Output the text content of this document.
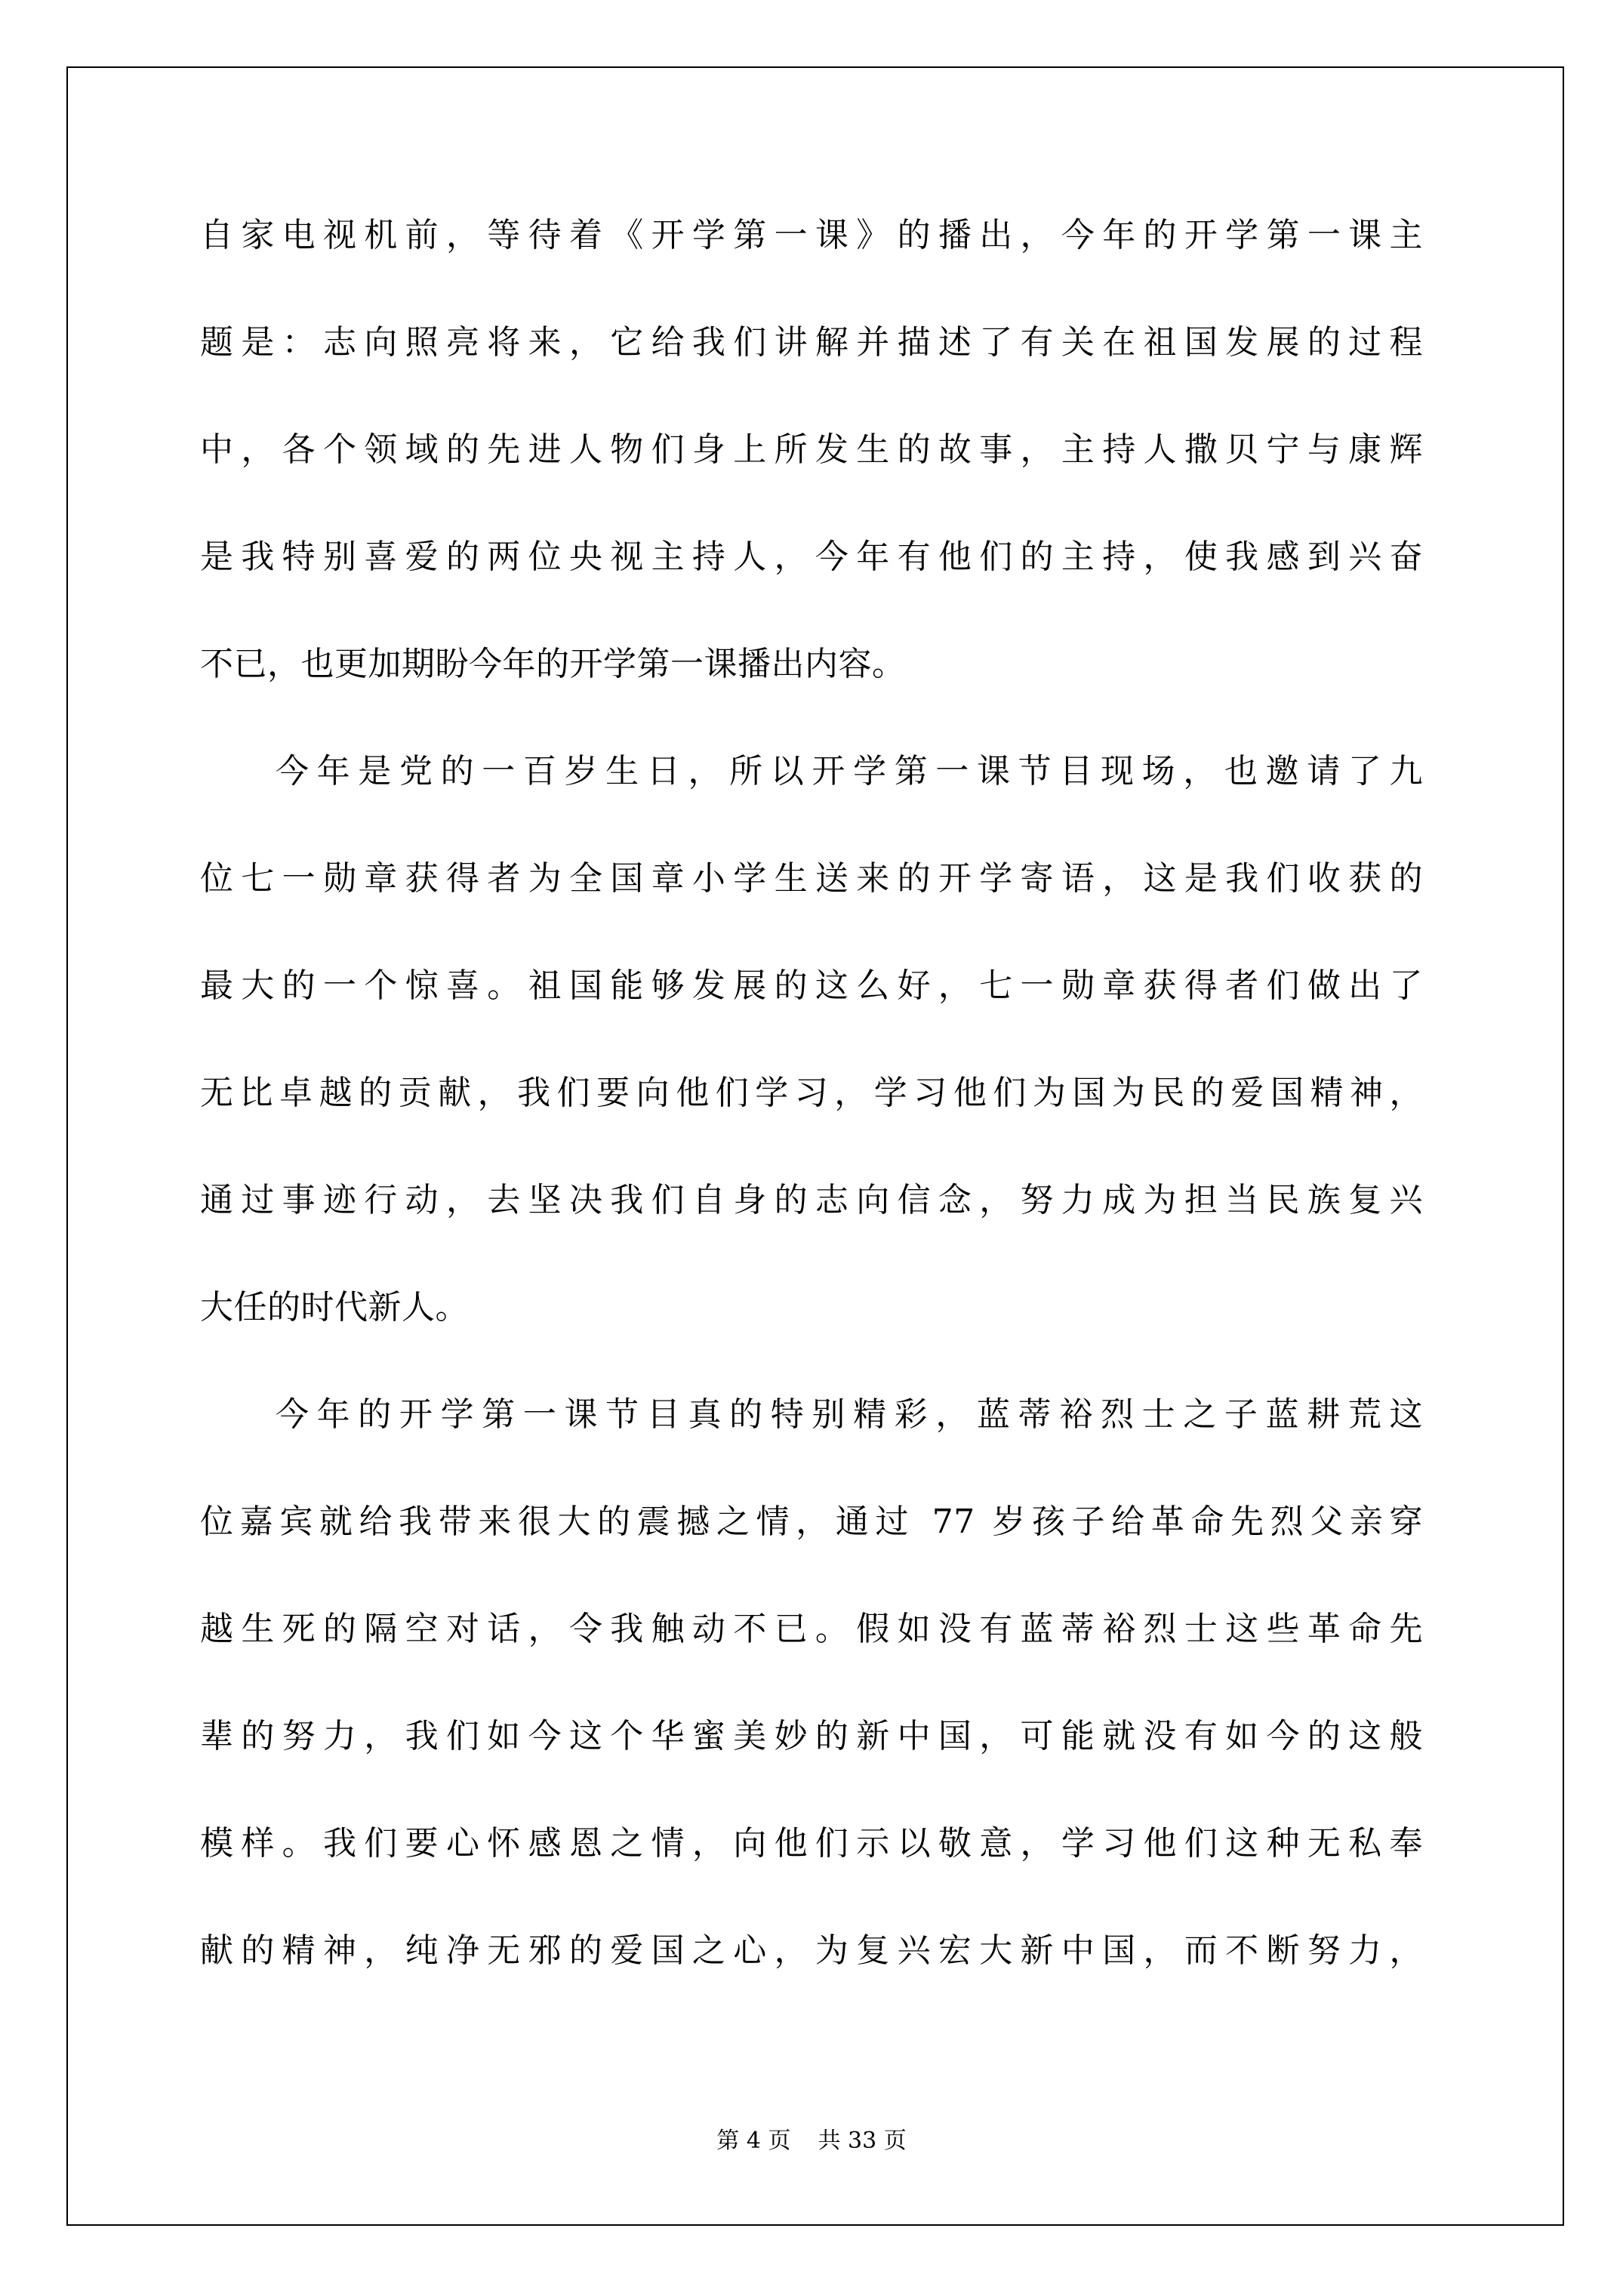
自家电视机前，等待着《开学第一课》的播出，今年的开学第一课主
题是：志向照亮将来，它给我们讲解并描述了有关在祖国发展的过程
中，各个领域的先进人物们身上所发生的故事，主持人撒贝宁与康辉
是我特别喜爱的两位央视主持人，今年有他们的主持，使我感到兴奋
不已，也更加期盼今年的开学第一课播出内容。
今年是党的一百岁生日，所以开学第一课节目现场，也邀请了九
位七一勋章获得者为全国章小学生送来的开学寄语，这是我们收获的
最大的一个惊喜。祖国能够发展的这么好，七一勋章获得者们做出了
无比卓越的贡献，我们要向他们学习，学习他们为国为民的爱国精神，
通过事迹行动，去坚决我们自身的志向信念，努力成为担当民族复兴
大任的时代新人。
今年的开学第一课节目真的特别精彩，蓝蒂裕烈士之子蓝耕荒这
位嘉宾就给我带来很大的震撼之情，通过 77 岁孩子给革命先烈父亲穿
越生死的隔空对话，令我触动不已。假如没有蓝蒂裕烈士这些革命先
辈的努力，我们如今这个华蜜美妙的新中国，可能就没有如今的这般
模样。我们要心怀感恩之情，向他们示以敬意，学习他们这种无私奉
献的精神，纯净无邪的爱国之心，为复兴宏大新中国，而不断努力，
第 4 页 共 33 页
